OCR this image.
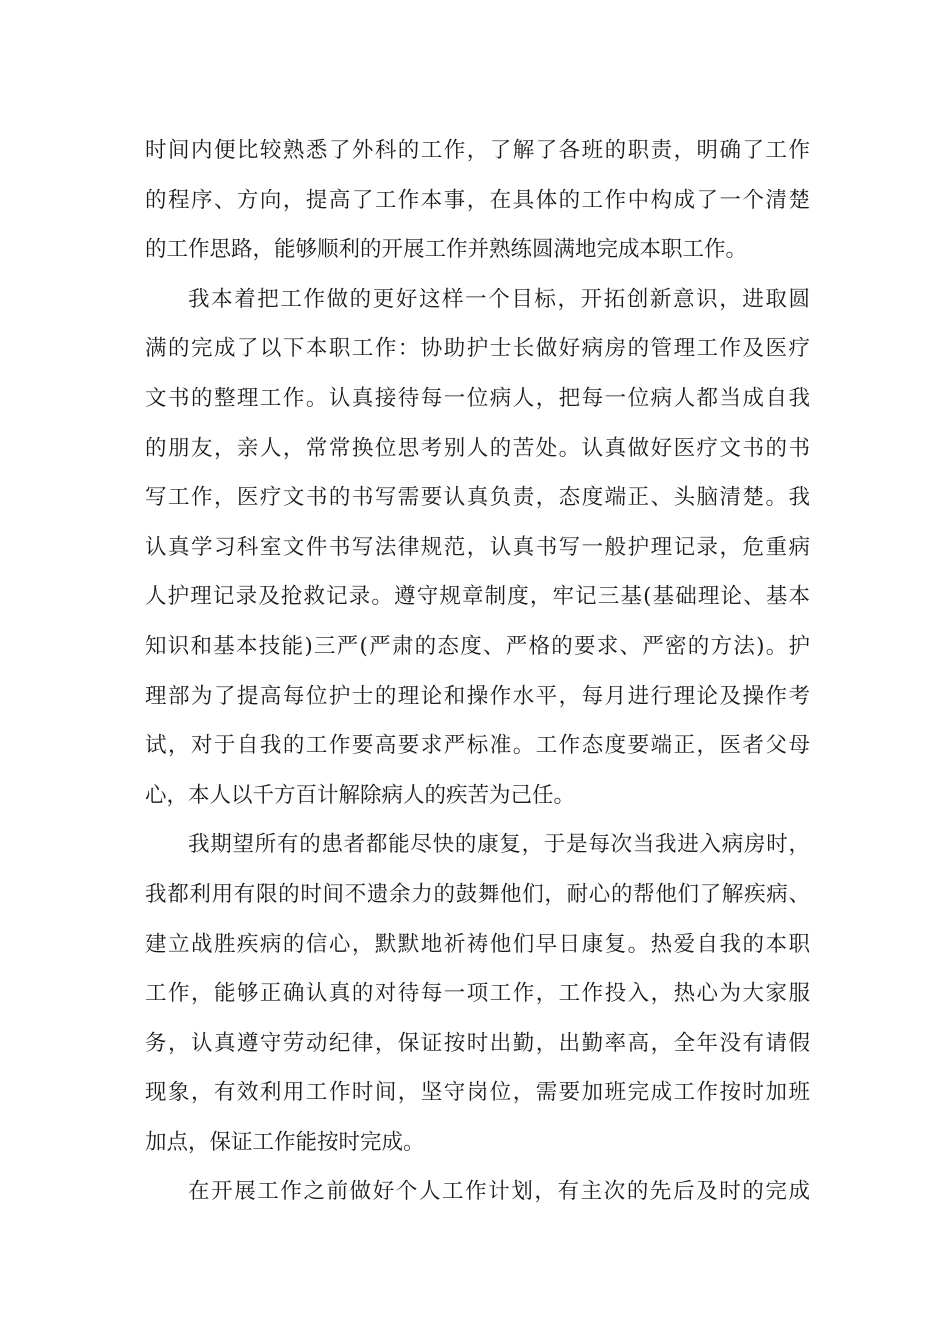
时间内便比较熟悉了外科的工作，了解了各班的职责，明确了工作
的程序、方向，提高了工作本事，在具体的工作中构成了一个清楚
的工作思路，能够顺利的开展工作并熟练圆满地完成本职工作。
我本着把工作做的更好这样一个目标，开拓创新意识，进取圆
满的完成了以下本职工作：协助护士长做好病房的管理工作及医疗
文书的整理工作。认真接待每一位病人，把每一位病人都当成自我
的朋友，亲人，常常换位思考别人的苦处。认真做好医疗文书的书
写工作，医疗文书的书写需要认真负责，态度端正、头脑清楚。我
认真学习科室文件书写法律规范，认真书写一般护理记录，危重病
人护理记录及抢救记录。遵守规章制度，牢记三基(基础理论、基本
知识和基本技能)三严(严肃的态度、严格的要求、严密的方法)。护
理部为了提高每位护士的理论和操作水平，每月进行理论及操作考
试，对于自我的工作要高要求严标准。工作态度要端正，医者父母
心，本人以千方百计解除病人的疾苦为己任。
我期望所有的患者都能尽快的康复，于是每次当我进入病房时，
我都利用有限的时间不遗余力的鼓舞他们，耐心的帮他们了解疾病、
建立战胜疾病的信心，默默地祈祷他们早日康复。热爱自我的本职
工作，能够正确认真的对待每一项工作，工作投入，热心为大家服
务，认真遵守劳动纪律，保证按时出勤，出勤率高，全年没有请假
现象，有效利用工作时间，坚守岗位，需要加班完成工作按时加班
加点，保证工作能按时完成。
在开展工作之前做好个人工作计划，有主次的先后及时的完成
